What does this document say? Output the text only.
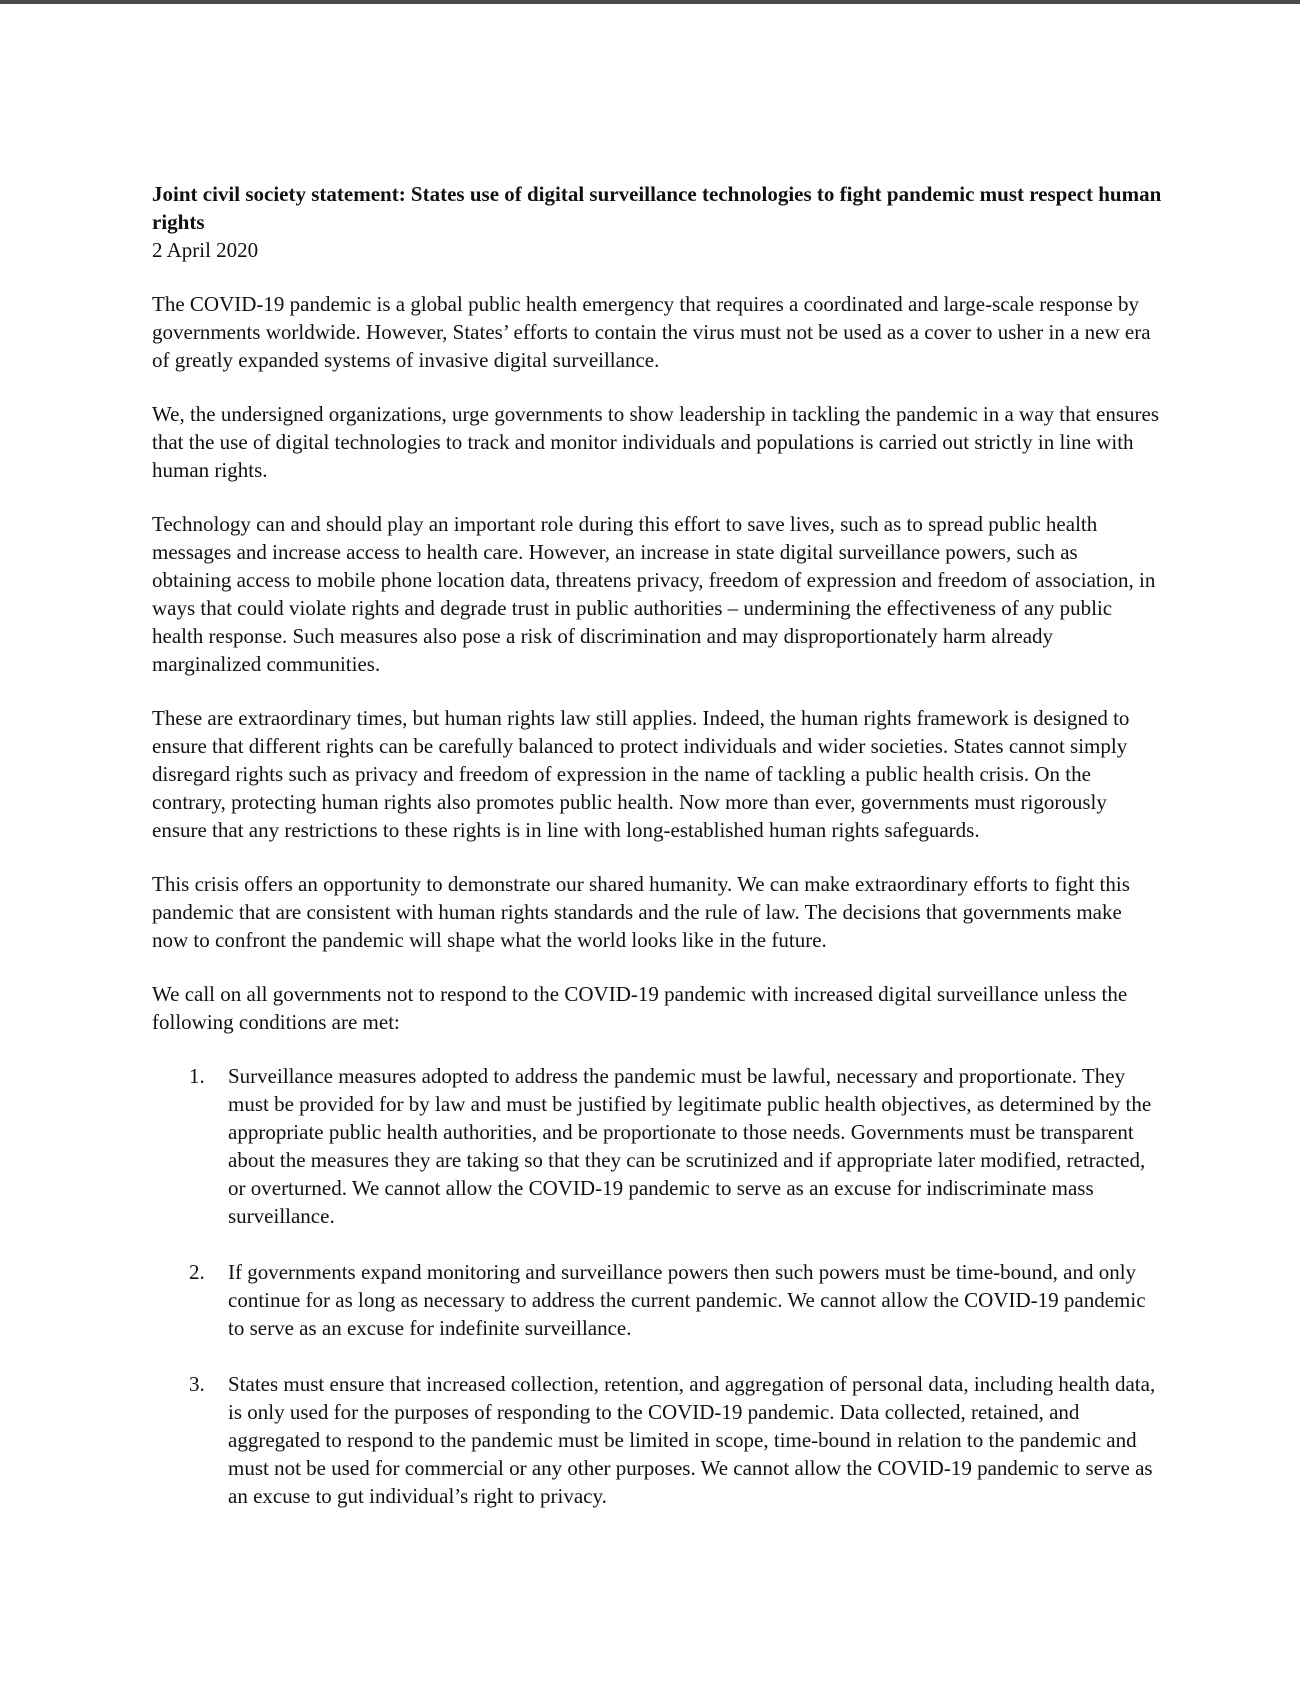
Joint civil society statement: States use of digital surveillance technologies to fight pandemic must respect human rights

2 April 2020

The COVID-19 pandemic is a global public health emergency that requires a coordinated and large-scale response by governments worldwide. However, States’ efforts to contain the virus must not be used as a cover to usher in a new era of greatly expanded systems of invasive digital surveillance.

We, the undersigned organizations, urge governments to show leadership in tackling the pandemic in a way that ensures that the use of digital technologies to track and monitor individuals and populations is carried out strictly in line with human rights.

Technology can and should play an important role during this effort to save lives, such as to spread public health messages and increase access to health care. However, an increase in state digital surveillance powers, such as obtaining access to mobile phone location data, threatens privacy, freedom of expression and freedom of association, in ways that could violate rights and degrade trust in public authorities – undermining the effectiveness of any public health response. Such measures also pose a risk of discrimination and may disproportionately harm already marginalized communities.

These are extraordinary times, but human rights law still applies. Indeed, the human rights framework is designed to ensure that different rights can be carefully balanced to protect individuals and wider societies. States cannot simply disregard rights such as privacy and freedom of expression in the name of tackling a public health crisis. On the contrary, protecting human rights also promotes public health. Now more than ever, governments must rigorously ensure that any restrictions to these rights is in line with long-established human rights safeguards.

This crisis offers an opportunity to demonstrate our shared humanity. We can make extraordinary efforts to fight this pandemic that are consistent with human rights standards and the rule of law. The decisions that governments make now to confront the pandemic will shape what the world looks like in the future.

We call on all governments not to respond to the COVID-19 pandemic with increased digital surveillance unless the following conditions are met:

1. Surveillance measures adopted to address the pandemic must be lawful, necessary and proportionate. They must be provided for by law and must be justified by legitimate public health objectives, as determined by the appropriate public health authorities, and be proportionate to those needs. Governments must be transparent about the measures they are taking so that they can be scrutinized and if appropriate later modified, retracted, or overturned. We cannot allow the COVID-19 pandemic to serve as an excuse for indiscriminate mass surveillance.
2. If governments expand monitoring and surveillance powers then such powers must be time-bound, and only continue for as long as necessary to address the current pandemic. We cannot allow the COVID-19 pandemic to serve as an excuse for indefinite surveillance.
3. States must ensure that increased collection, retention, and aggregation of personal data, including health data, is only used for the purposes of responding to the COVID-19 pandemic. Data collected, retained, and aggregated to respond to the pandemic must be limited in scope, time-bound in relation to the pandemic and must not be used for commercial or any other purposes. We cannot allow the COVID-19 pandemic to serve as an excuse to gut individual’s right to privacy.
